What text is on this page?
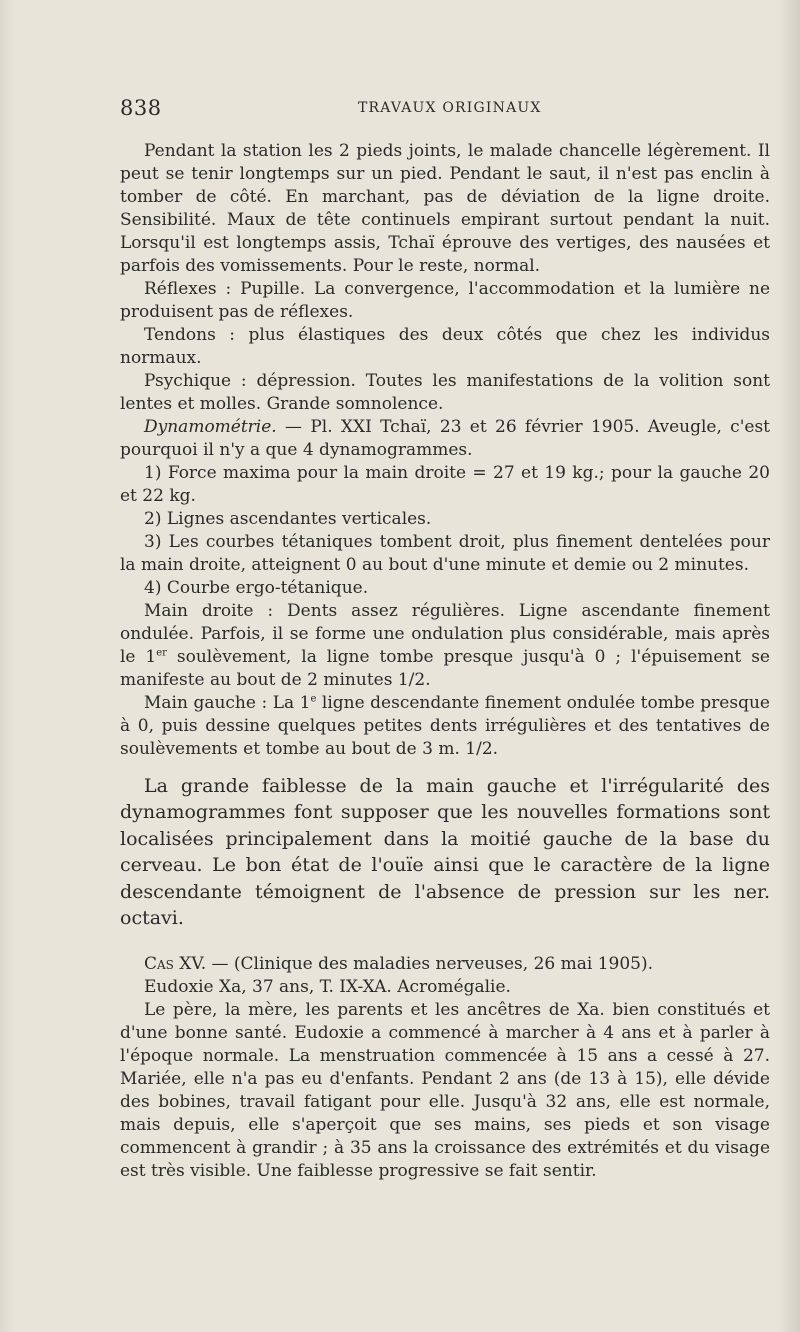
838	TRAVAUX ORIGINAUX

Pendant la station les 2 pieds joints, le malade chancelle légèrement. Il peut se tenir longtemps sur un pied. Pendant le saut, il n'est pas enclin à tomber de côté. En marchant, pas de déviation de la ligne droite. Sensibilité. Maux de tête continuels empirant surtout pendant la nuit. Lorsqu'il est longtemps assis, Tchaï éprouve des vertiges, des nausées et parfois des vomissements. Pour le reste, normal.

Réflexes : Pupille. La convergence, l'accommodation et la lumière ne produisent pas de réflexes.

Tendons : plus élastiques des deux côtés que chez les individus normaux.

Psychique : dépression. Toutes les manifestations de la volition sont lentes et molles. Grande somnolence.

Dynamométrie. — Pl. XXI Tchaï, 23 et 26 février 1905. Aveugle, c'est pourquoi il n'y a que 4 dynamogrammes.

1) Force maxima pour la main droite = 27 et 19 kg.; pour la gauche 20 et 22 kg.

2) Lignes ascendantes verticales.

3) Les courbes tétaniques tombent droit, plus finement dentelées pour la main droite, atteignent 0 au bout d'une minute et demie ou 2 minutes.

4) Courbe ergo-tétanique.

Main droite : Dents assez régulières. Ligne ascendante finement ondulée. Parfois, il se forme une ondulation plus considérable, mais après le 1er soulèvement, la ligne tombe presque jusqu'à 0 ; l'épuisement se manifeste au bout de 2 minutes 1/2.

Main gauche : La 1e ligne descendante finement ondulée tombe presque à 0, puis dessine quelques petites dents irrégulières et des tentatives de soulèvements et tombe au bout de 3 m. 1/2.

La grande faiblesse de la main gauche et l'irrégularité des dynamogrammes font supposer que les nouvelles formations sont localisées principalement dans la moitié gauche de la base du cerveau. Le bon état de l'ouïe ainsi que le caractère de la ligne descendante témoignent de l'absence de pression sur les ner. octavi.

Cas XV. — (Clinique des maladies nerveuses, 26 mai 1905).

Eudoxie Xa, 37 ans, T. IX-XA. Acromégalie.

Le père, la mère, les parents et les ancêtres de Xa. bien constitués et d'une bonne santé. Eudoxie a commencé à marcher à 4 ans et à parler à l'époque normale. La menstruation commencée à 15 ans a cessé à 27. Mariée, elle n'a pas eu d'enfants. Pendant 2 ans (de 13 à 15), elle dévide des bobines, travail fatigant pour elle. Jusqu'à 32 ans, elle est normale, mais depuis, elle s'aperçoit que ses mains, ses pieds et son visage commencent à grandir ; à 35 ans la croissance des extrémités et du visage est très visible. Une faiblesse progressive se fait sentir.
